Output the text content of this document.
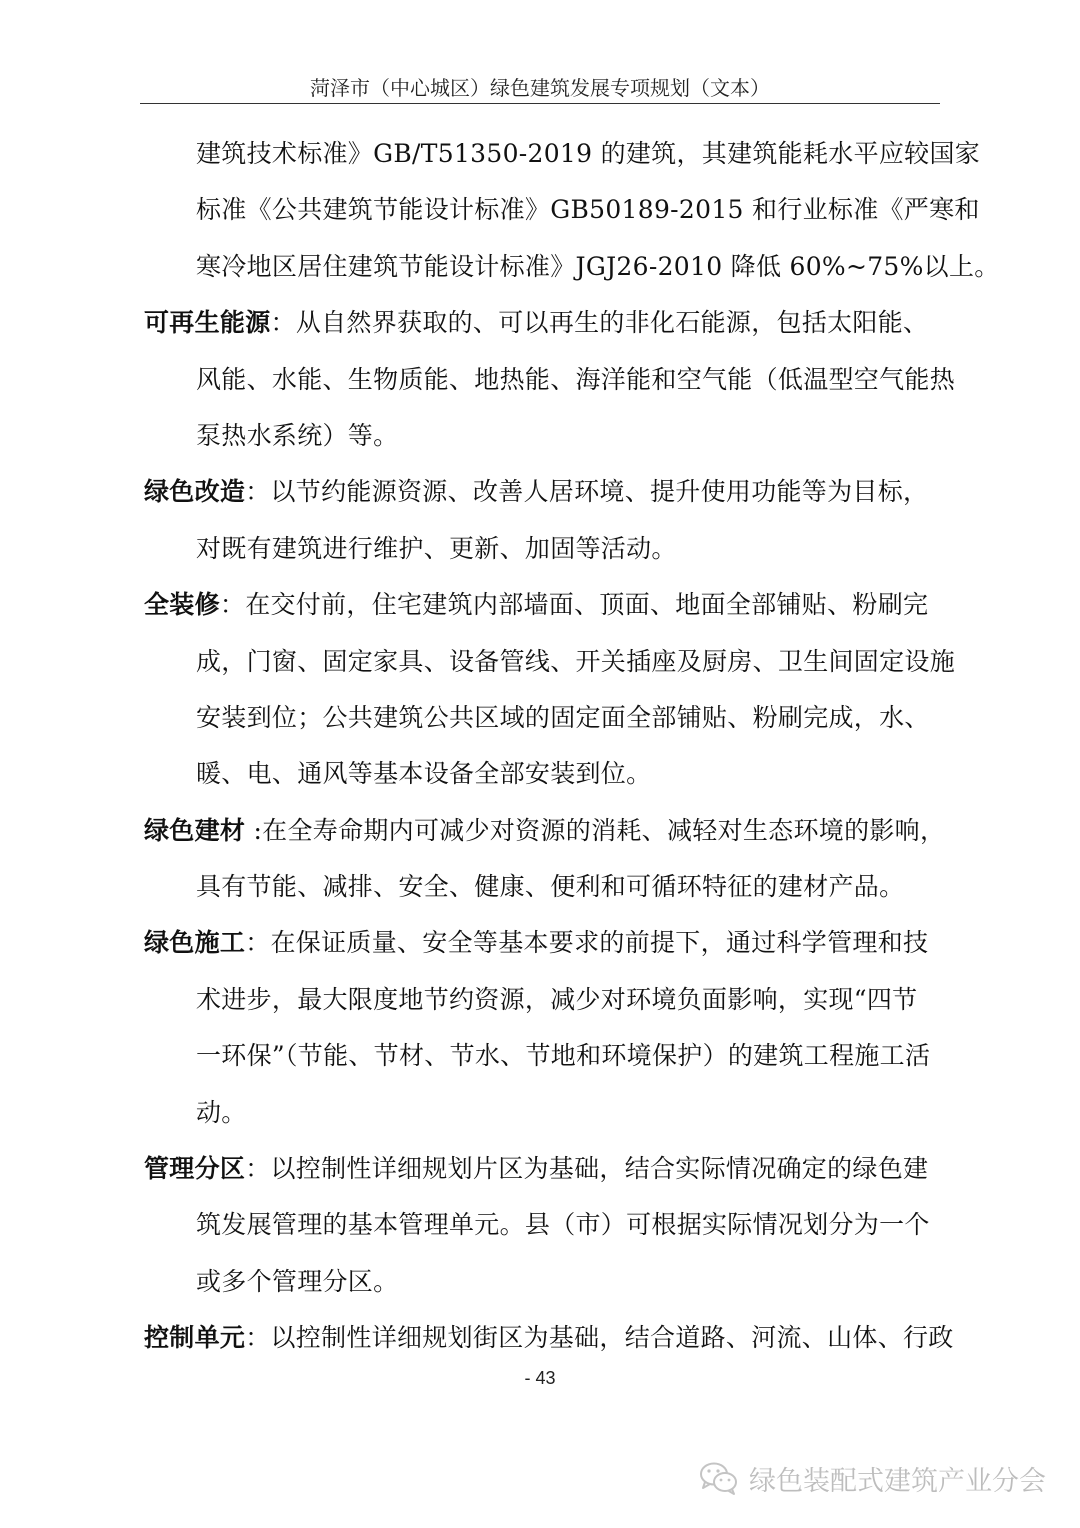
菏泽市（中心城区）绿色建筑发展专项规划（文本）
建筑技术标准》GB/T51350-2019 的建筑，其建筑能耗水平应较国家
标准《公共建筑节能设计标准》GB50189-2015 和行业标准《严寒和
寒冷地区居住建筑节能设计标准》JGJ26-2010 降低 60%~75%以上。
可再生能源：从自然界获取的、可以再生的非化石能源，包括太阳能、
风能、水能、生物质能、地热能、海洋能和空气能（低温型空气能热
泵热水系统）等。
绿色改造：以节约能源资源、改善人居环境、提升使用功能等为目标，
对既有建筑进行维护、更新、加固等活动。
全装修：在交付前，住宅建筑内部墙面、顶面、地面全部铺贴、粉刷完
成，门窗、固定家具、设备管线、开关插座及厨房、卫生间固定设施
安装到位；公共建筑公共区域的固定面全部铺贴、粉刷完成，水、
暖、电、通风等基本设备全部安装到位。
绿色建材 :在全寿命期内可减少对资源的消耗、减轻对生态环境的影响，
具有节能、减排、安全、健康、便利和可循环特征的建材产品。
绿色施工：在保证质量、安全等基本要求的前提下，通过科学管理和技
术进步，最大限度地节约资源，减少对环境负面影响，实现“四节
一环保”（节能、节材、节水、节地和环境保护）的建筑工程施工活
动。
管理分区：以控制性详细规划片区为基础，结合实际情况确定的绿色建
筑发展管理的基本管理单元。县（市）可根据实际情况划分为一个
或多个管理分区。
控制单元：以控制性详细规划街区为基础，结合道路、河流、山体、行政
- 43
绿色装配式建筑产业分会
